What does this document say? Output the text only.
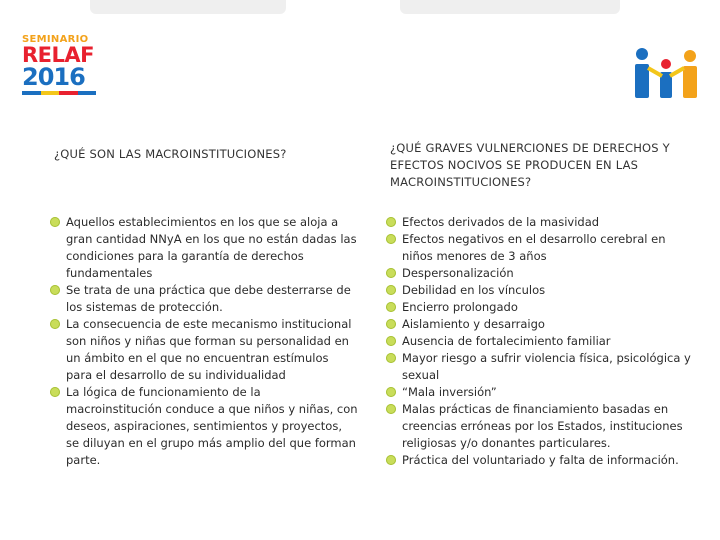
SEMINARIO
RELAF
2016
¿QUÉ SON LAS MACROINSTITUCIONES?
Aquellos establecimientos en los que se aloja a gran cantidad NNyA en los que no están dadas las condiciones para la garantía de derechos fundamentales
Se trata de una práctica que debe desterrarse de los sistemas de protección.
La consecuencia de este mecanismo institucional son niños y niñas que forman su personalidad en un ámbito en el que no encuentran estímulos para el desarrollo de su individualidad
La lógica de funcionamiento de la macroinstitución conduce a que niños y niñas, con deseos, aspiraciones, sentimientos y proyectos, se diluyan en el grupo más amplio del que forman parte.
¿QUÉ GRAVES VULNERCIONES DE DERECHOS Y EFECTOS NOCIVOS SE PRODUCEN EN LAS MACROINSTITUCIONES?
Efectos derivados de la masividad
Efectos negativos en el desarrollo cerebral en niños menores de 3 años
Despersonalización
Debilidad en los vínculos
Encierro prolongado
Aislamiento y desarraigo
Ausencia de fortalecimiento familiar
Mayor riesgo a sufrir violencia física, psicológica y sexual
“Mala inversión”
Malas prácticas de financiamiento basadas en creencias erróneas por los Estados, instituciones religiosas y/o donantes particulares.
Práctica del voluntariado y falta de información.
